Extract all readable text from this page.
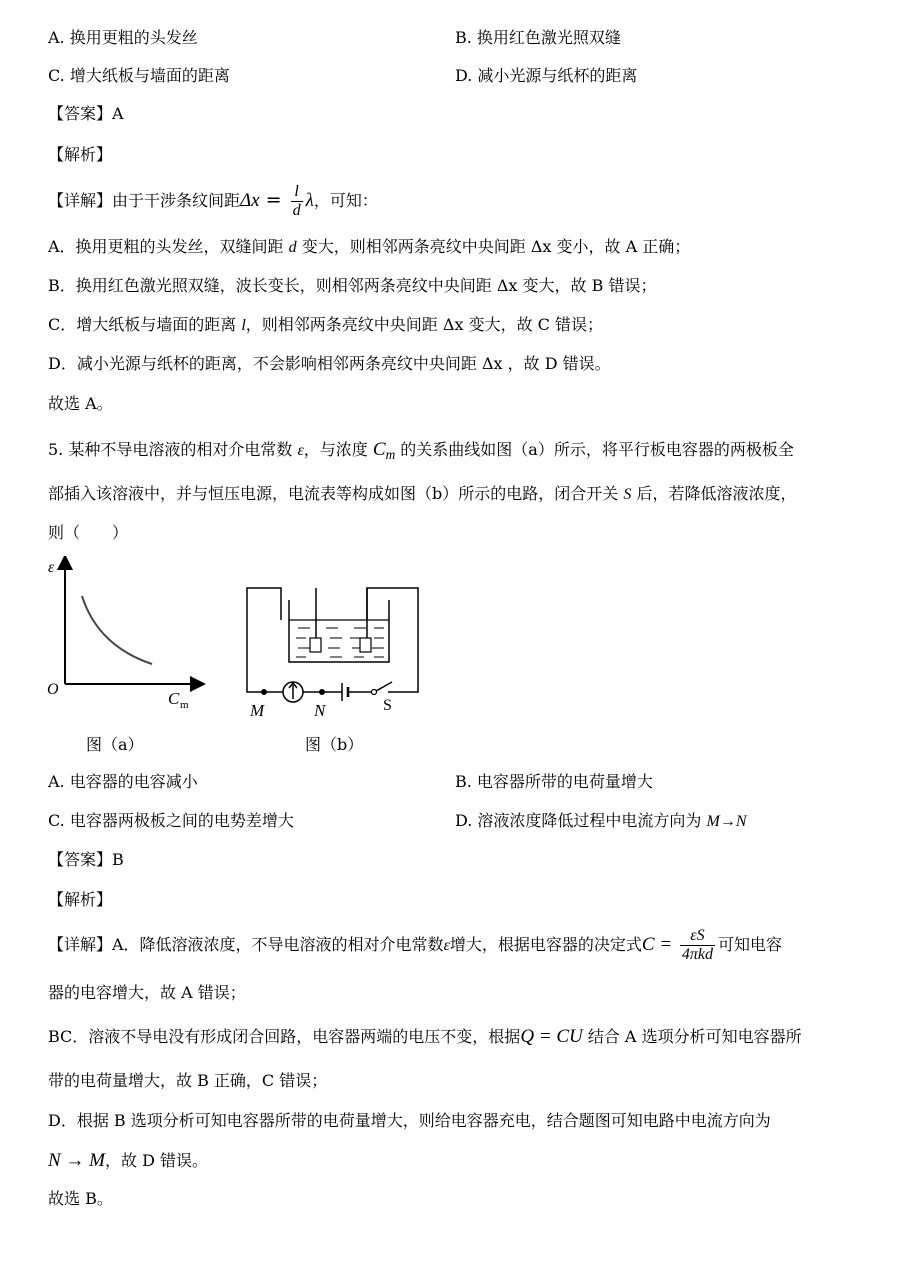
A. 换用更粗的头发丝	B. 换用红色激光照双缝
C. 增大纸板与墙面的距离	D. 减小光源与纸杯的距离
【答案】A
【解析】
【详解】由于干涉条纹间距$\Delta x = \frac{l}{d}$ λ，可知：
A．换用更粗的头发丝，双缝间距 d 变大，则相邻两条亮纹中央间距 Δx 变小，故 A 正确；
B．换用红色激光照双缝，波长变长，则相邻两条亮纹中央间距 Δx 变大，故 B 错误；
C．增大纸板与墙面的距离 l，则相邻两条亮纹中央间距 Δx 变大，故 C 错误；
D．减小光源与纸杯的距离，不会影响相邻两条亮纹中央间距 Δx ，故 D 错误。
故选 A。
5. 某种不导电溶液的相对介电常数 ε，与浓度 $C_m$ 的关系曲线如图（a）所示，将平行板电容器的两极板全
部插入该溶液中，并与恒压电源，电流表等构成如图（b）所示的电路，闭合开关 S 后，若降低溶液浓度，
则（　　）
ε
O	C m
图（a）
M	N	S
图（b）
A. 电容器的电容减小	B. 电容器所带的电荷量增大
C. 电容器两极板之间的电势差增大	D. 溶液浓度降低过程中电流方向为 M→N
【答案】B
【解析】
【详解】A．降低溶液浓度，不导电溶液的相对介电常数ε增大，根据电容器的决定式$C = \frac{\varepsilon S}{\text{4πkd}}$ 可知电容
器的电容增大，故 A 错误；
BC．溶液不导电没有形成闭合回路，电容器两端的电压不变，根据Q = CU 结合 A 选项分析可知电容器所
带的电荷量增大，故 B 正确，C 错误；
D．根据 B 选项分析可知电容器所带的电荷量增大，则给电容器充电，结合题图可知电路中电流方向为
N → M，故 D 错误。
故选 B。
